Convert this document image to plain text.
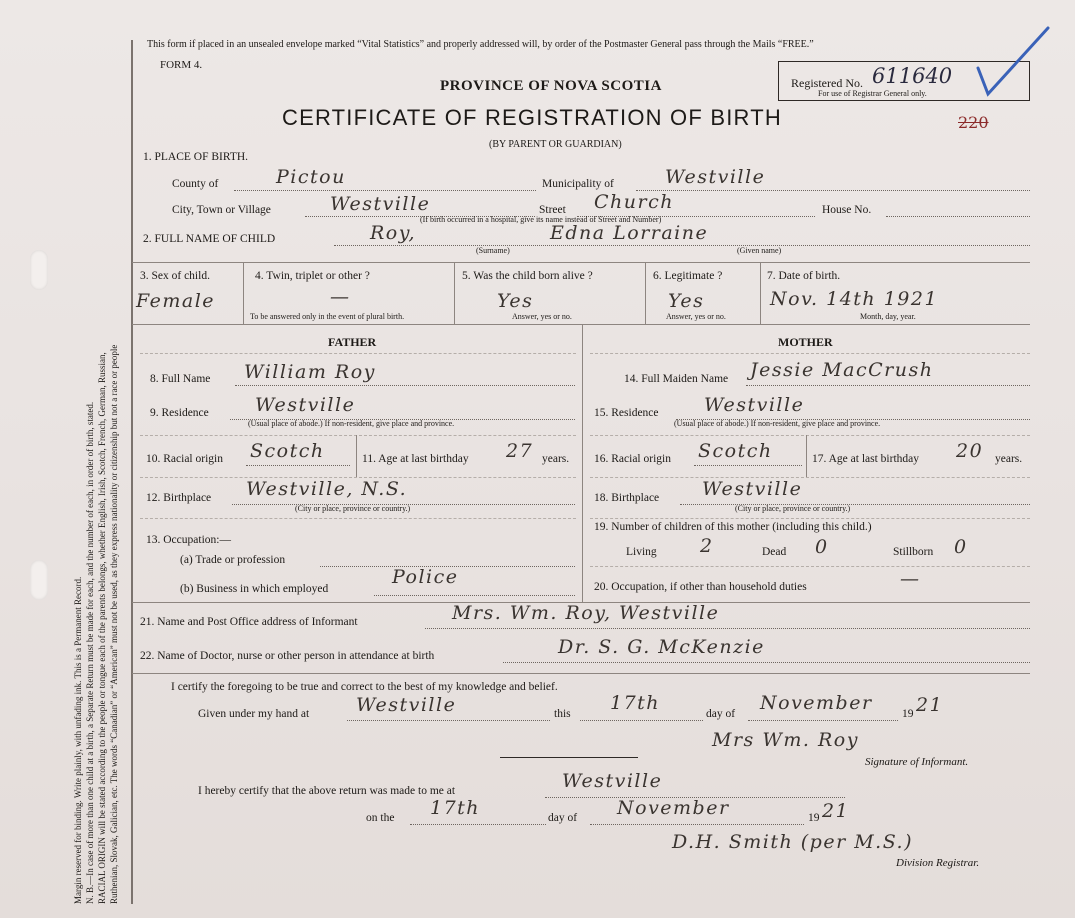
Margin reserved for binding. Write plainly, with unfading ink. This is a Permanent Record. N. B.—In case of more than one child at a birth, a Separate Return must be made for each, and the number of each, in order of birth, stated. RACIAL ORIGIN will be stated according to the people or tongue each of the parents belongs, whether English, Irish, Scotch, French, German, Russian, Ruthenian, Slovak, Galician, etc. The words “Canadian” or “American” must not be used, as they express nationality or citizenship but not a race or people
This form if placed in an unsealed envelope marked “Vital Statistics” and properly addressed will, by order of the Postmaster General pass through the Mails “FREE.”
FORM 4.
PROVINCE OF NOVA SCOTIA
CERTIFICATE OF REGISTRATION OF BIRTH
(BY PARENT OR GUARDIAN)
Registered No. 611640
For use of Registrar General only.
220
1. PLACE OF BIRTH.
County of	Pictou	Municipality of	Westville
City, Town or Village	Westville	Street Church	House No.
(If birth occurred in a hospital, give its name instead of Street and Number)
2. FULL NAME OF CHILD	Roy,	Edna Lorraine
(Surname)	(Given name)
3. Sex of child.
Female
4. Twin, triplet or other ?
—
To be answered only in the event of plural birth.
5. Was the child born alive ?
Yes
Answer, yes or no.
6. Legitimate ?
Yes
Answer, yes or no.
7. Date of birth.
Nov. 14th 1921
Month, day, year.
FATHER	MOTHER
8. Full Name William Roy	14. Full Maiden Name Jessie MacCrush
9. Residence Westville
(Usual place of abode.) If non-resident, give place and province.
15. Residence Westville
(Usual place of abode.) If non-resident, give place and province.
10. Racial origin Scotch	11. Age at last birthday 27 years. 16. Racial origin Scotch	17. Age at last birthday 20 years.
12. Birthplace Westville, N.S.
(City or place, province or country.)
18. Birthplace Westville
(City or place, province or country.)
13. Occupation:—
(a) Trade or profession
(b) Business in which employed
Police
19. Number of children of this mother (including this child.)
Living 2	Dead 0	Stillborn 0
20. Occupation, if other than household duties	—
21. Name and Post Office address of Informant	Mrs. Wm. Roy, Westville
22. Name of Doctor, nurse or other person in attendance at birth	Dr. S. G. McKenzie
I certify the foregoing to be true and correct to the best of my knowledge and belief.
Given under my hand at Westville	this 17th	day of November	19 21
Mrs Wm. Roy
Signature of Informant.
I hereby certify that the above return was made to me at	Westville
on the 17th	day of November	19 21
D.H. Smith (per M.S.)
Division Registrar.
